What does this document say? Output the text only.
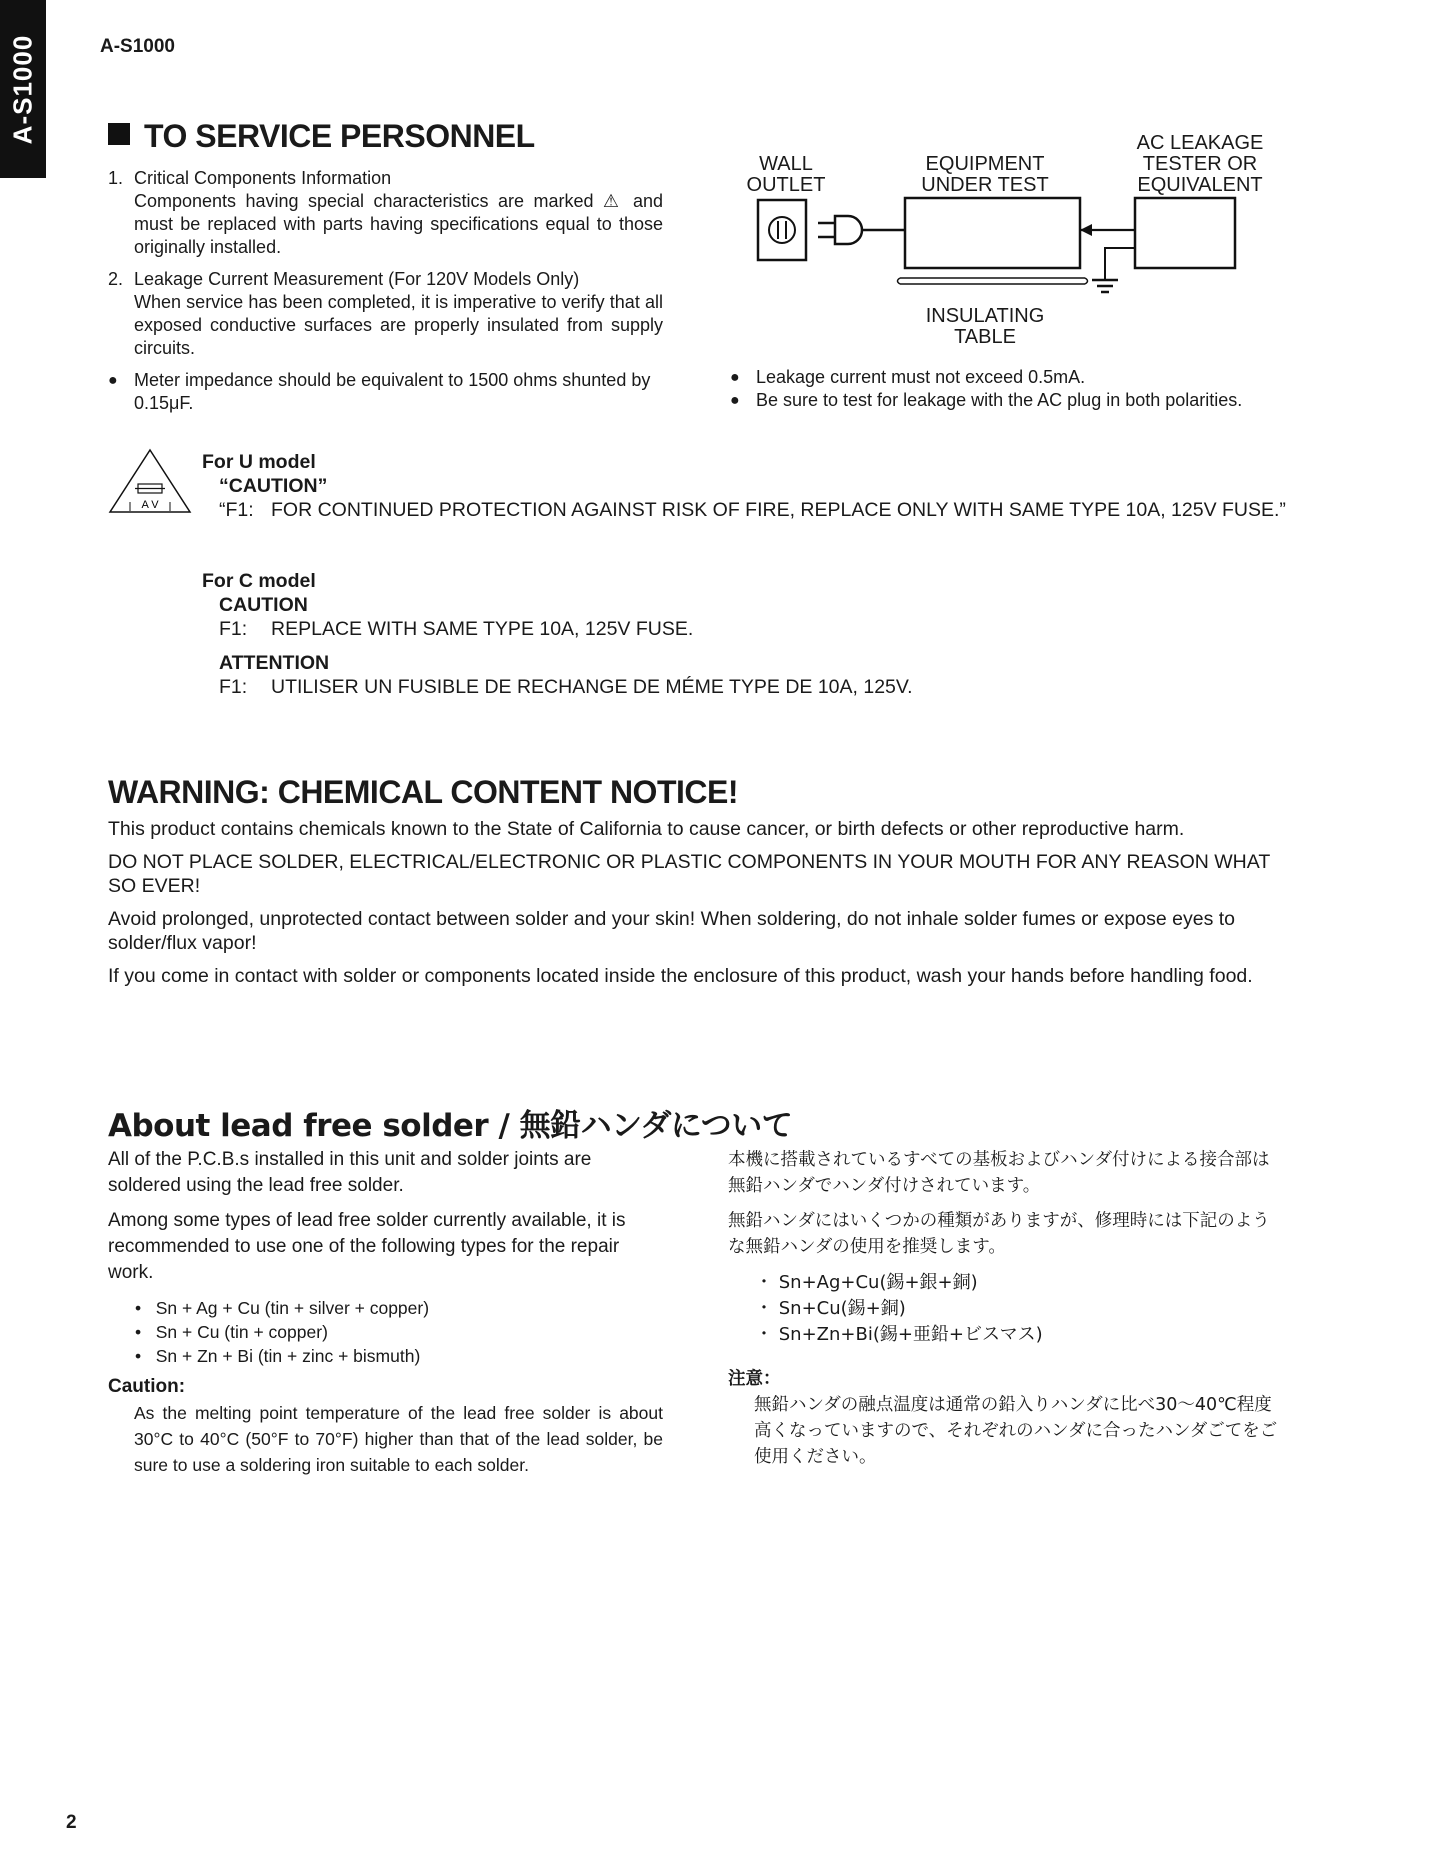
A-S1000	A-S1000
TO SERVICE PERSONNEL
1. Critical Components Information
Components having special characteristics are marked ⚠ and must be replaced with parts having specifications equal to those originally installed.
2. Leakage Current Measurement (For 120V Models Only)
When service has been completed, it is imperative to verify that all exposed conductive surfaces are properly insulated from supply circuits.
● Meter impedance should be equivalent to 1500 ohms shunted by 0.15μF.
WALL
OUTLET
EQUIPMENT
UNDER TEST
AC LEAKAGE
TESTER OR
EQUIVALENT
INSULATING
TABLE
● Leakage current must not exceed 0.5mA.
● Be sure to test for leakage with the AC plug in both polarities.
A V
For U model
“CAUTION”
“F1: FOR CONTINUED PROTECTION AGAINST RISK OF FIRE, REPLACE ONLY WITH SAME TYPE 10A, 125V FUSE.”
For C model
CAUTION
F1:	REPLACE WITH SAME TYPE 10A, 125V FUSE.
ATTENTION
F1:	UTILISER UN FUSIBLE DE RECHANGE DE MÉME TYPE DE 10A, 125V.
WARNING: CHEMICAL CONTENT NOTICE!

This product contains chemicals known to the State of California to cause cancer, or birth defects or other reproductive harm.

DO NOT PLACE SOLDER, ELECTRICAL/ELECTRONIC OR PLASTIC COMPONENTS IN YOUR MOUTH FOR ANY REASON WHAT SO EVER!

Avoid prolonged, unprotected contact between solder and your skin! When soldering, do not inhale solder fumes or expose eyes to solder/flux vapor!

If you come in contact with solder or components located inside the enclosure of this product, wash your hands before handling food.

About lead free solder / 無鉛ハンダについて

All of the P.C.B.s installed in this unit and solder joints are soldered using the lead free solder.

Among some types of lead free solder currently available, it is recommended to use one of the following types for the repair work.

•   Sn + Ag + Cu (tin + silver + copper)
•   Sn + Cu (tin + copper)
•   Sn + Zn + Bi (tin + zinc + bismuth)
Caution:

As the melting point temperature of the lead free solder is about 30°C to 40°C (50°F to 70°F) higher than that of the lead solder, be sure to use a soldering iron suitable to each solder.

本機に搭載されているすべての基板およびハンダ付けによる接合部は無鉛ハンダでハンダ付けされています。

無鉛ハンダにはいくつかの種類がありますが、修理時には下記のような無鉛ハンダの使用を推奨します。

・ Sn+Ag+Cu(錫+銀+銅)
・ Sn+Cu(錫+銅)
・ Sn+Zn+Bi(錫+亜鉛+ビスマス)
注意：

無鉛ハンダの融点温度は通常の鉛入りハンダに比べ30〜40℃程度高くなっていますので、それぞれのハンダに合ったハンダごてをご使用ください。

2
